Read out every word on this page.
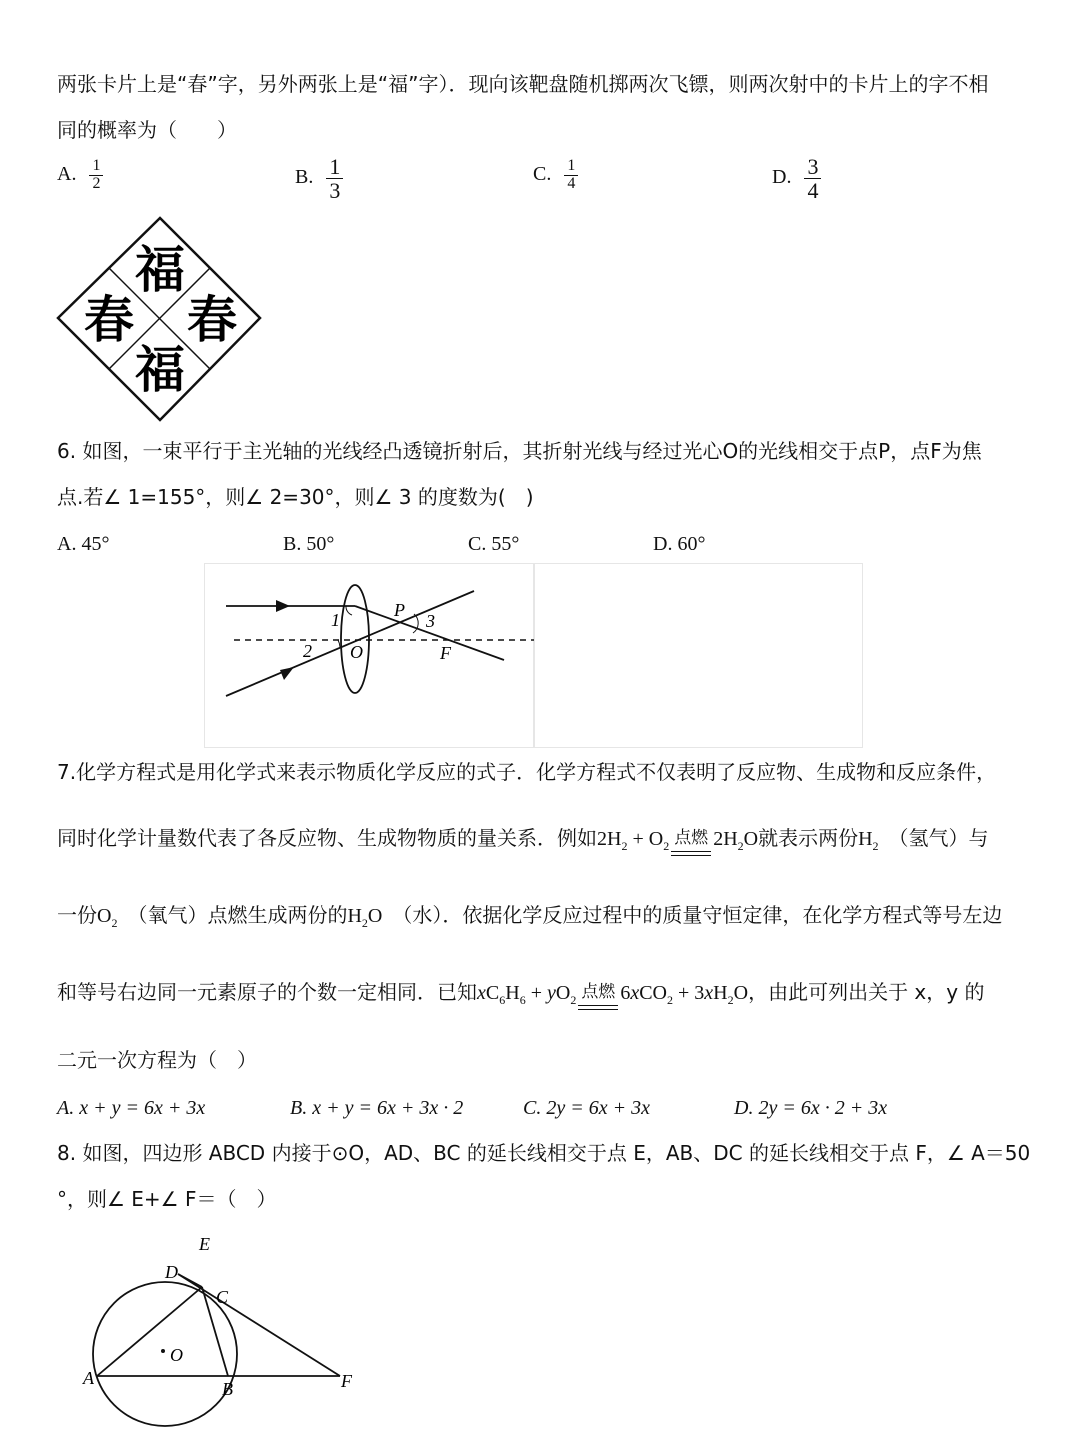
两张卡片上是“春”字，另外两张上是“福”字）．现向该靶盘随机掷两次飞镖，则两次射中的卡片上的字不相
同的概率为（　　）
A. $\frac{1}{2}$	B. $\frac{1}{3}$	C. $\frac{1}{4}$	D. $\frac{3}{4}$
福
春 春
福
6. 如图，一束平行于主光轴的光线经凸透镜折射后，其折射光线与经过光心O的光线相交于点P，点F为焦
点.若∠ 1=155°，则∠ 2=30°，则∠ 3 的度数为(　)
A. 45°	B. 50°	C. 55°	D. 60°
1
2
3
P
O	F
7.化学方程式是用化学式来表示物质化学反应的式子．化学方程式不仅表明了反应物、生成物和反应条件，
同时化学计量数代表了各反应物、生成物物质的量关系．例如$2H_2 + O_2$ 点燃 $2H_2O$就表示两份$H_2$　 （氢气）与
一份$O_2$　 （氧气）点燃生成两份的$H_2O$　 （水）．依据化学反应过程中的质量守恒定律，在化学方程式等号左边
和等号右边同一元素原子的个数一定相同．已知$xC_6H_6 + yO_2$ 点燃 $6xCO_2 + 3xH_2O$，由此可列出关于 x，y 的
二元一次方程为（　）
A. x + y = 6x + 3x	B. x + y = 6x + 3x · 2	C. 2y = 6x + 3x	D. 2y = 6x · 2 + 3x
8. 如图，四边形 ABCD 内接于⊙O，AD、BC 的延长线相交于点 E，AB、DC 的延长线相交于点 F，∠ A＝50
°，则∠ E+∠ F＝（　）
E
D
C
O
A
B	F
